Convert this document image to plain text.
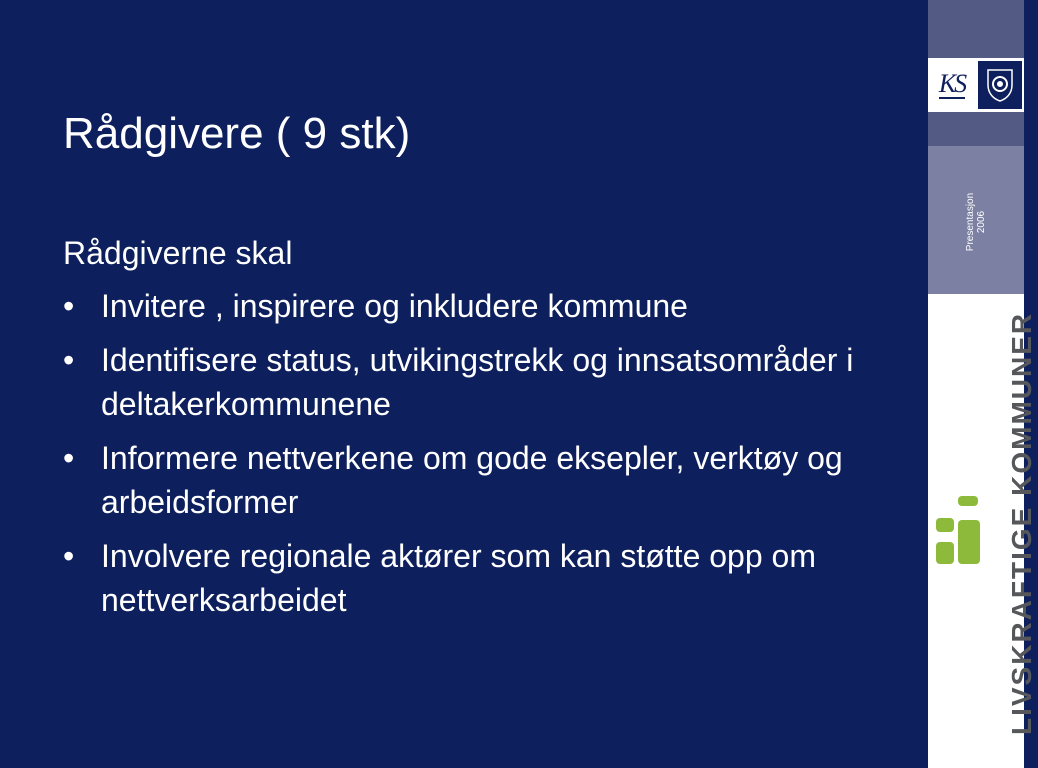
Rådgivere ( 9 stk)

Rådgiverne skal

• Invitere , inspirere og inkludere kommune
• Identifisere status, utvikingstrekk og innsatsområder i deltakerkommunene
• Informere nettverkene om gode eksepler, verktøy og arbeidsformer
• Involvere regionale aktører som kan støtte opp om nettverksarbeidet
KS
Presentasjon 2006
LIVSKRAFTIGE KOMMUNER
